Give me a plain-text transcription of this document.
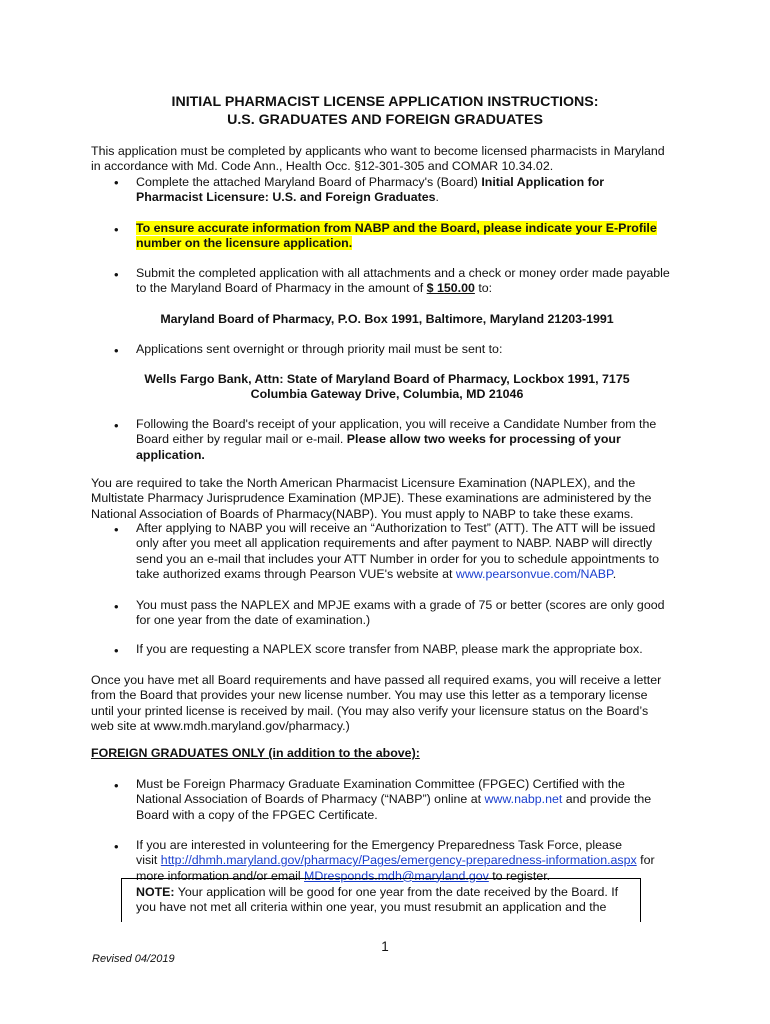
INITIAL PHARMACIST LICENSE APPLICATION INSTRUCTIONS:
U.S. GRADUATES AND FOREIGN GRADUATES
This application must be completed by applicants who want to become licensed pharmacists in Maryland
in accordance with Md. Code Ann., Health Occ. §12-301-305 and COMAR 10.34.02.
• Complete the attached Maryland Board of Pharmacy's (Board) Initial Application for
Pharmacist Licensure: U.S. and Foreign Graduates.
• To ensure accurate information from NABP and the Board, please indicate your E-Profile
number on the licensure application.
• Submit the completed application with all attachments and a check or money order made payable
to the Maryland Board of Pharmacy in the amount of $ 150.00 to:
Maryland Board of Pharmacy, P.O. Box 1991, Baltimore, Maryland 21203-1991
• Applications sent overnight or through priority mail must be sent to:
Wells Fargo Bank, Attn: State of Maryland Board of Pharmacy, Lockbox 1991, 7175
Columbia Gateway Drive, Columbia, MD 21046
• Following the Board's receipt of your application, you will receive a Candidate Number from the
Board either by regular mail or e-mail. Please allow two weeks for processing of your
application.
You are required to take the North American Pharmacist Licensure Examination (NAPLEX), and the
Multistate Pharmacy Jurisprudence Examination (MPJE). These examinations are administered by the
National Association of Boards of Pharmacy(NABP). You must apply to NABP to take these exams.
• After applying to NABP you will receive an “Authorization to Test” (ATT). The ATT will be issued
only after you meet all application requirements and after payment to NABP. NABP will directly
send you an e-mail that includes your ATT Number in order for you to schedule appointments to
take authorized exams through Pearson VUE's website at www.pearsonvue.com/NABP.
• You must pass the NAPLEX and MPJE exams with a grade of 75 or better (scores are only good
for one year from the date of examination.)
• If you are requesting a NAPLEX score transfer from NABP, please mark the appropriate box.
Once you have met all Board requirements and have passed all required exams, you will receive a letter
from the Board that provides your new license number. You may use this letter as a temporary license
until your printed license is received by mail. (You may also verify your licensure status on the Board’s
web site at www.mdh.maryland.gov/pharmacy.)
FOREIGN GRADUATES ONLY (in addition to the above):
• Must be Foreign Pharmacy Graduate Examination Committee (FPGEC) Certified with the
National Association of Boards of Pharmacy (“NABP”) online at www.nabp.net and provide the
Board with a copy of the FPGEC Certificate.
• If you are interested in volunteering for the Emergency Preparedness Task Force, please
visit http://dhmh.maryland.gov/pharmacy/Pages/emergency-preparedness-information.aspx for
more information and/or email MDresponds.mdh@maryland.gov to register.
NOTE: Your application will be good for one year from the date received by the Board. If
you have not met all criteria within one year, you must resubmit an application and the
1
Revised 04/2019
